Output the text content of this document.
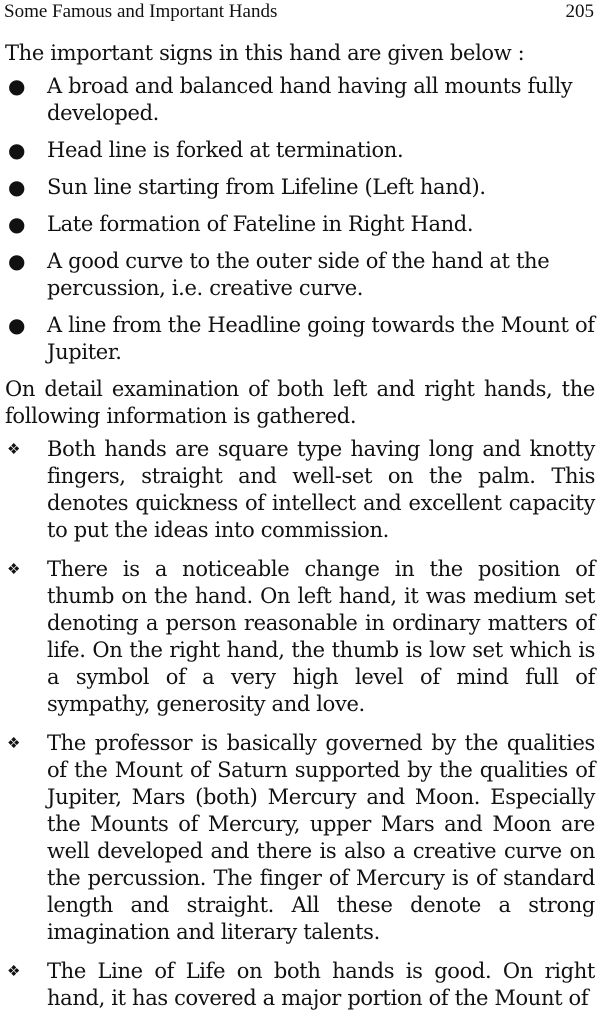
Some Famous and Important Hands	205

The important signs in this hand are given below :

● A broad and balanced hand having all mounts fully developed.
● Head line is forked at termination.
● Sun line starting from Lifeline (Left hand).
● Late formation of Fateline in Right Hand.
● A good curve to the outer side of the hand at the percussion, i.e. creative curve.
● A line from the Headline going towards the Mount of Jupiter.

On detail examination of both left and right hands, the following information is gathered.

❖ Both hands are square type having long and knotty fingers, straight and well-set on the palm. This denotes quickness of intellect and excellent capacity to put the ideas into commission.
❖ There is a noticeable change in the position of thumb on the hand. On left hand, it was medium set denoting a person reasonable in ordinary matters of life. On the right hand, the thumb is low set which is a symbol of a very high level of mind full of sympathy, generosity and love.
❖ The professor is basically governed by the qualities of the Mount of Saturn supported by the qualities of Jupiter, Mars (both) Mercury and Moon. Especially the Mounts of Mercury, upper Mars and Moon are well developed and there is also a creative curve on the percussion. The finger of Mercury is of standard length and straight. All these denote a strong imagination and literary talents.
❖ The Line of Life on both hands is good. On right hand, it has covered a major portion of the Mount of
